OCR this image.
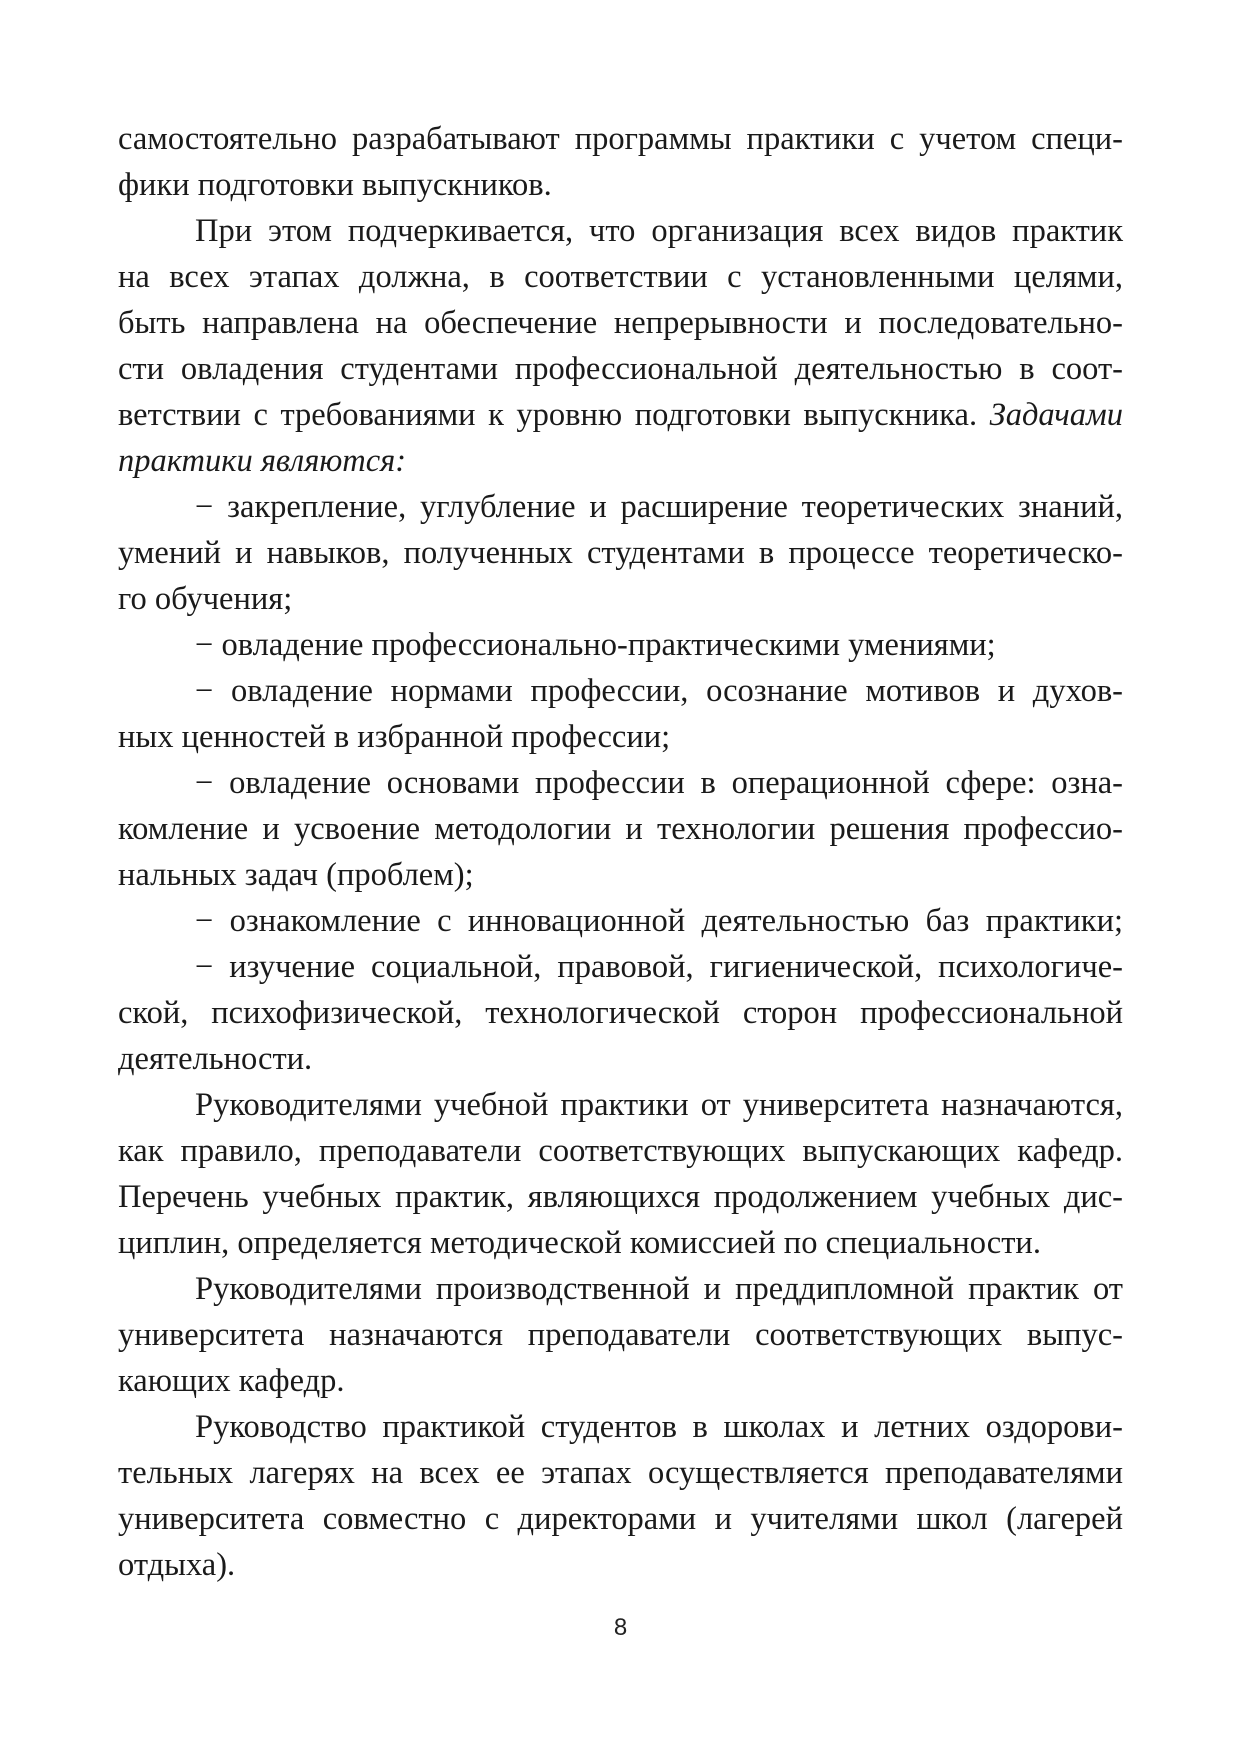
самостоятельно разрабатывают программы практики с учетом специ-
фики подготовки выпускников.
При этом подчеркивается, что организация всех видов практик
на всех этапах должна, в соответствии с установленными целями,
быть направлена на обеспечение непрерывности и последовательно-
сти овладения студентами профессиональной деятельностью в соот-
ветствии с требованиями к уровню подготовки выпускника. Задачами
практики являются:
− закрепление, углубление и расширение теоретических знаний,
умений и навыков, полученных студентами в процессе теоретическо-
го обучения;
− овладение профессионально-практическими умениями;
− овладение нормами профессии, осознание мотивов и духов-
ных ценностей в избранной профессии;
− овладение основами профессии в операционной сфере: озна-
комление и усвоение методологии и технологии решения профессио-
нальных задач (проблем);
− ознакомление с инновационной деятельностью баз практики;
− изучение социальной, правовой, гигиенической, психологиче-
ской, психофизической, технологической сторон профессиональной
деятельности.
Руководителями учебной практики от университета назначаются,
как правило, преподаватели соответствующих выпускающих кафедр.
Перечень учебных практик, являющихся продолжением учебных дис-
циплин, определяется методической комиссией по специальности.
Руководителями производственной и преддипломной практик от
университета назначаются преподаватели соответствующих выпус-
кающих кафедр.
Руководство практикой студентов в школах и летних оздорови-
тельных лагерях на всех ее этапах осуществляется преподавателями
университета совместно с директорами и учителями школ (лагерей
отдыха).
8
